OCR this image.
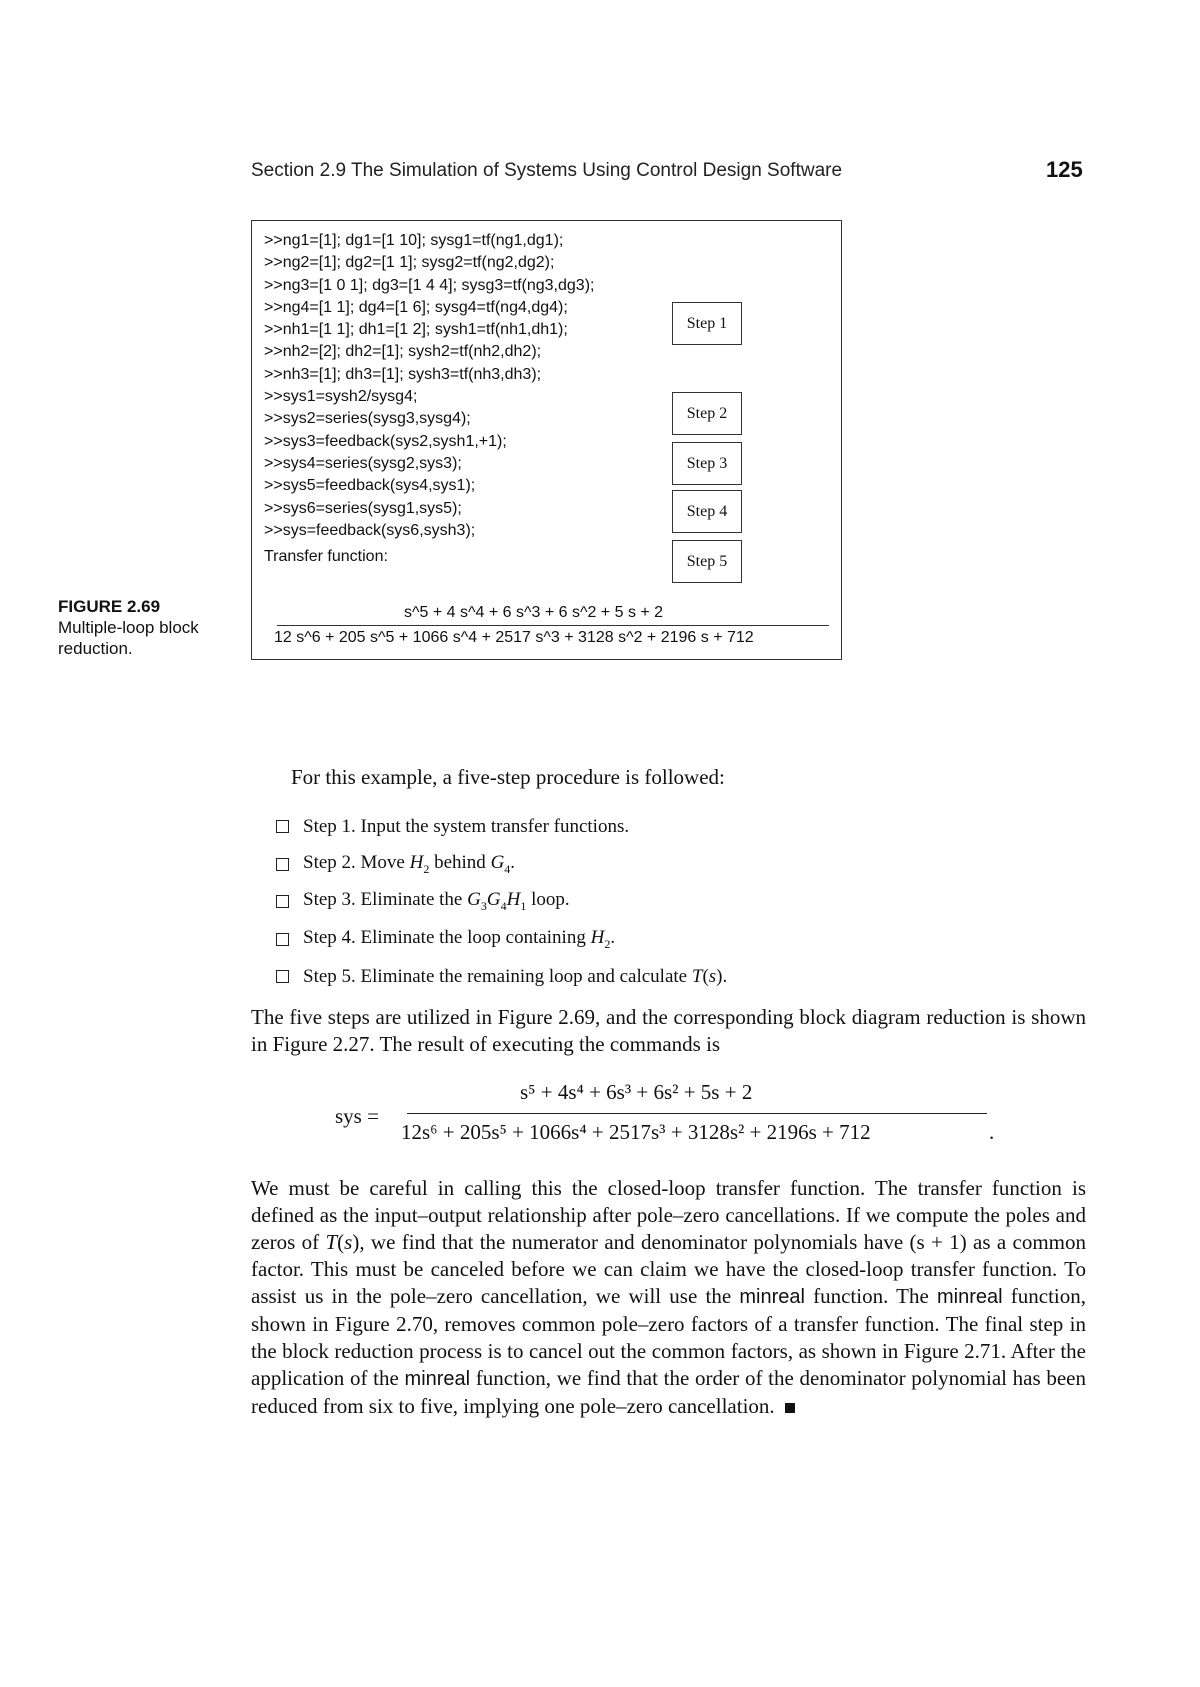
Section 2.9 The Simulation of Systems Using Control Design Software	125
FIGURE 2.69
Multiple-loop block reduction.
>>ng1=[1]; dg1=[1 10]; sysg1=tf(ng1,dg1);
>>ng2=[1]; dg2=[1 1]; sysg2=tf(ng2,dg2);
>>ng3=[1 0 1]; dg3=[1 4 4]; sysg3=tf(ng3,dg3);
>>ng4=[1 1]; dg4=[1 6]; sysg4=tf(ng4,dg4);
>>nh1=[1 1]; dh1=[1 2]; sysh1=tf(nh1,dh1);
>>nh2=[2]; dh2=[1]; sysh2=tf(nh2,dh2);
>>nh3=[1]; dh3=[1]; sysh3=tf(nh3,dh3);
>>sys1=sysh2/sysg4;
>>sys2=series(sysg3,sysg4);
>>sys3=feedback(sys2,sysh1,+1);
>>sys4=series(sysg2,sys3);
>>sys5=feedback(sys4,sys1);
>>sys6=series(sysg1,sys5);
>>sys=feedback(sys6,sysh3);
Transfer function:
Step 1
Step 2
Step 3
Step 4
Step 5
s^5 + 4 s^4 + 6 s^3 + 6 s^2 + 5 s + 2
12 s^6 + 205 s^5 + 1066 s^4 + 2517 s^3 + 3128 s^2 + 2196 s + 712
For this example, a five-step procedure is followed:
Step 1. Input the system transfer functions.
Step 2. Move $H_2$ behind $G_4$.
Step 3. Eliminate the $G_3G_4H_1$ loop.
Step 4. Eliminate the loop containing $H_2$.
Step 5. Eliminate the remaining loop and calculate T(s).
The five steps are utilized in Figure 2.69, and the corresponding block diagram reduction is shown in Figure 2.27. The result of executing the commands is
sys =
s⁵ + 4s⁴ + 6s³ + 6s² + 5s + 2
12s⁶ + 205s⁵ + 1066s⁴ + 2517s³ + 3128s² + 2196s + 712	.
We must be careful in calling this the closed-loop transfer function. The transfer function is defined as the input–output relationship after pole–zero cancellations. If we compute the poles and zeros of T(s), we find that the numerator and denominator polynomials have (s + 1) as a common factor. This must be canceled before we can claim we have the closed-loop transfer function. To assist us in the pole–zero cancellation, we will use the minreal function. The minreal function, shown in Figure 2.70, removes common pole–zero factors of a transfer function. The final step in the block reduction process is to cancel out the common factors, as shown in Figure 2.71. After the application of the minreal function, we find that the order of the denominator polynomial has been reduced from six to five, implying one pole–zero cancellation.
